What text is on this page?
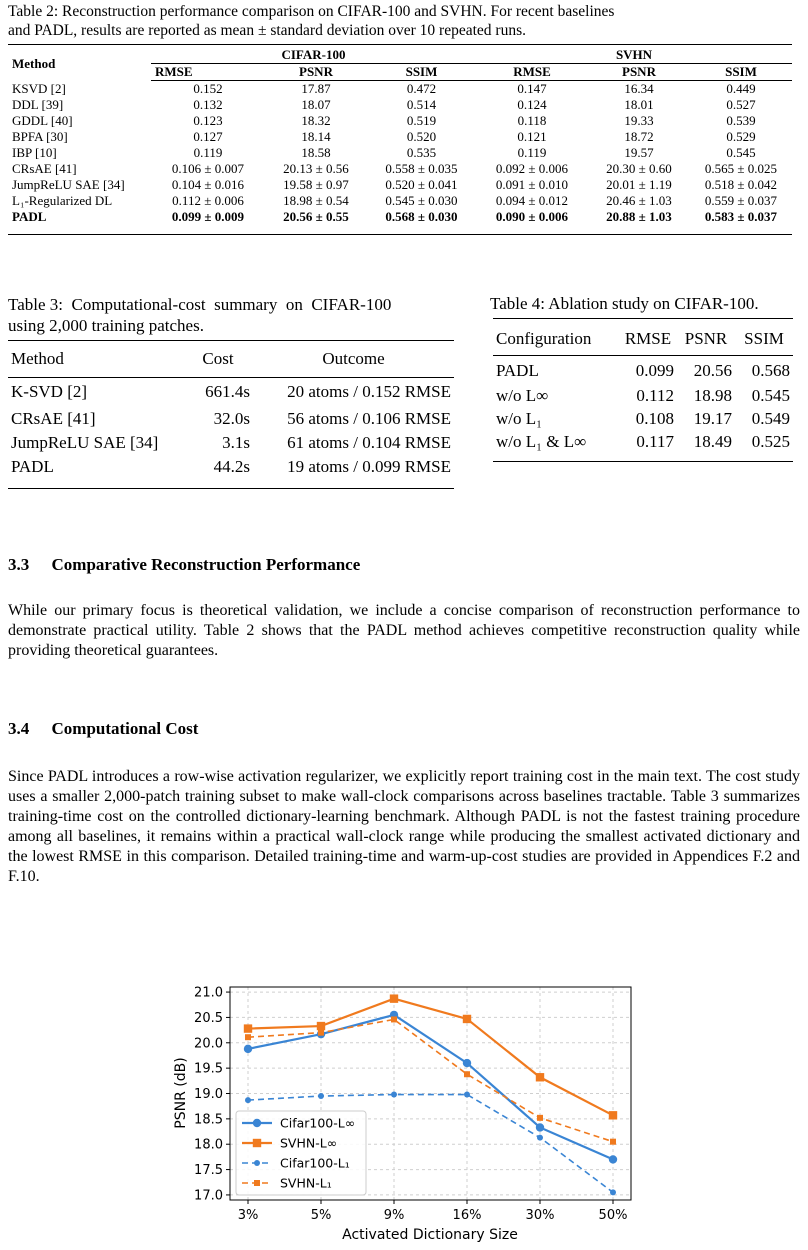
Table 2: Reconstruction performance comparison on CIFAR-100 and SVHN. For recent baselines
and PADL, results are reported as mean ± standard deviation over 10 repeated runs.
Method	CIFAR-100			SVHN		
	RMSE	PSNR	SSIM	RMSE	PSNR	SSIM
KSVD [2]	0.152	17.87	0.472	0.147	16.34	0.449
DDL [39]	0.132	18.07	0.514	0.124	18.01	0.527
GDDL [40]	0.123	18.32	0.519	0.118	19.33	0.539
BPFA [30]	0.127	18.14	0.520	0.121	18.72	0.529
IBP [10]	0.119	18.58	0.535	0.119	19.57	0.545
CRsAE [41]	0.106 ± 0.007	20.13 ± 0.56	0.558 ± 0.035	0.092 ± 0.006	20.30 ± 0.60	0.565 ± 0.025
JumpReLU SAE [34]	0.104 ± 0.016	19.58 ± 0.97	0.520 ± 0.041	0.091 ± 0.010	20.01 ± 1.19	0.518 ± 0.042
L₁-Regularized DL	0.112 ± 0.006	18.98 ± 0.54	0.545 ± 0.030	0.094 ± 0.012	20.46 ± 1.03	0.559 ± 0.037
PADL	0.099 ± 0.009	20.56 ± 0.55	0.568 ± 0.030	0.090 ± 0.006	20.88 ± 1.03	0.583 ± 0.037
Table 3:  Computational-cost  summary  on  CIFAR-100
using 2,000 training patches.
Method	Cost	Outcome
K-SVD [2]	661.4s	20 atoms / 0.152 RMSE
CRsAE [41]	32.0s	56 atoms / 0.106 RMSE
JumpReLU SAE [34]	3.1s	61 atoms / 0.104 RMSE
PADL	44.2s	19 atoms / 0.099 RMSE
Table 4: Ablation study on CIFAR-100.
Configuration	RMSE	PSNR	SSIM
PADL	0.099	20.56	0.568
w/o L∞	0.112	18.98	0.545
w/o L₁	0.108	19.17	0.549
w/o L₁ & L∞	0.117	18.49	0.525
3.3 Comparative Reconstruction Performance
While our primary focus is theoretical validation, we include a concise comparison of reconstruction performance to demonstrate practical utility. Table 2 shows that the PADL method achieves competitive reconstruction quality while providing theoretical guarantees.
3.4 Computational Cost
Since PADL introduces a row-wise activation regularizer, we explicitly report training cost in the main text. The cost study uses a smaller 2,000-patch training subset to make wall-clock comparisons across baselines tractable. Table 3 summarizes training-time cost on the controlled dictionary-learning benchmark. Although PADL is not the fastest training procedure among all baselines, it remains within a practical wall-clock range while producing the smallest activated dictionary and the lowest RMSE in this comparison. Detailed training-time and warm-up-cost studies are provided in Appendices F.2 and F.10.
21.0
20.5
20.0
19.5
19.0
18.5
18.0
17.5
17.0
3%	5%	9%	16%	30%	50%
Cifar100-L∞
SVHN-L∞
Cifar100-L₁
SVHN-L₁
Activated Dictionary Size
PSNR (dB)
